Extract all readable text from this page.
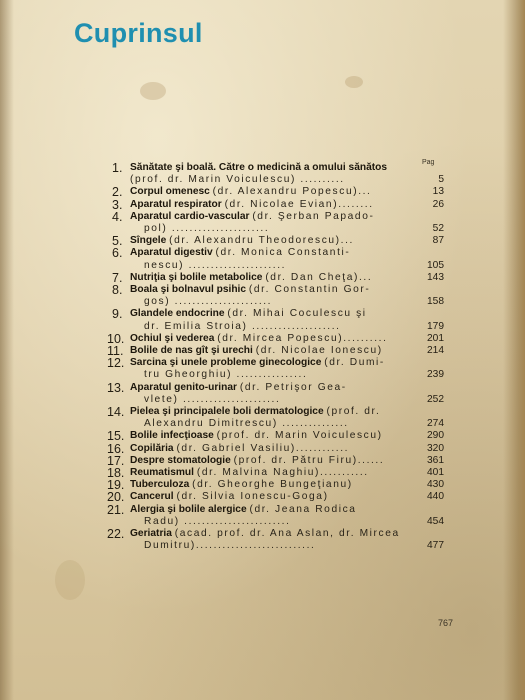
Cuprinsul
Pag
1. Sănătate şi boală. Către o medicină a omului sănătos
(prof. dr. Marin Voiculescu) ..........	5
2. Corpul omenesc (dr. Alexandru Popescu)...	13
3. Aparatul respirator (dr. Nicolae Evian)........	26
4. Aparatul cardio-vascular (dr. Şerban Papado-
pol) ......................	52
5. Sîngele (dr. Alexandru Theodorescu)...	87
6. Aparatul digestiv (dr. Monica Constanti-
nescu) ......................	105
7. Nutriţia şi bolile metabolice (dr. Dan Cheţa)...	143
8. Boala şi bolnavul psihic (dr. Constantin Gor-
gos) ......................	158
9. Glandele endocrine (dr. Mihai Coculescu şi
dr. Emilia Stroia) ....................	179
10. Ochiul şi vederea (dr. Mircea Popescu)..........	201
11. Bolile de nas gît şi urechi (dr. Nicolae Ionescu)	214
12. Sarcina şi unele probleme ginecologice (dr. Dumi-
tru Gheorghiu) ................	239
13. Aparatul genito-urinar (dr. Petrişor Gea-
vlete) ......................	252
14. Pielea şi principalele boli dermatologice (prof. dr.
Alexandru Dimitrescu) ...............	274
15. Bolile infecţioase (prof. dr. Marin Voiculescu)	290
16. Copilăria (dr. Gabriel Vasiliu)............	320
17. Despre stomatologie (prof. dr. Pătru Firu)......	361
18. Reumatismul (dr. Malvina Naghiu)...........	401
19. Tuberculoza (dr. Gheorghe Bungeţianu)	430
20. Cancerul (dr. Silvia Ionescu-Goga)	440
21. Alergia şi bolile alergice (dr. Jeana Rodica
Radu) ........................	454
22. Geriatria (acad. prof. dr. Ana Aslan, dr. Mircea
Dumitru)...........................	477
767
